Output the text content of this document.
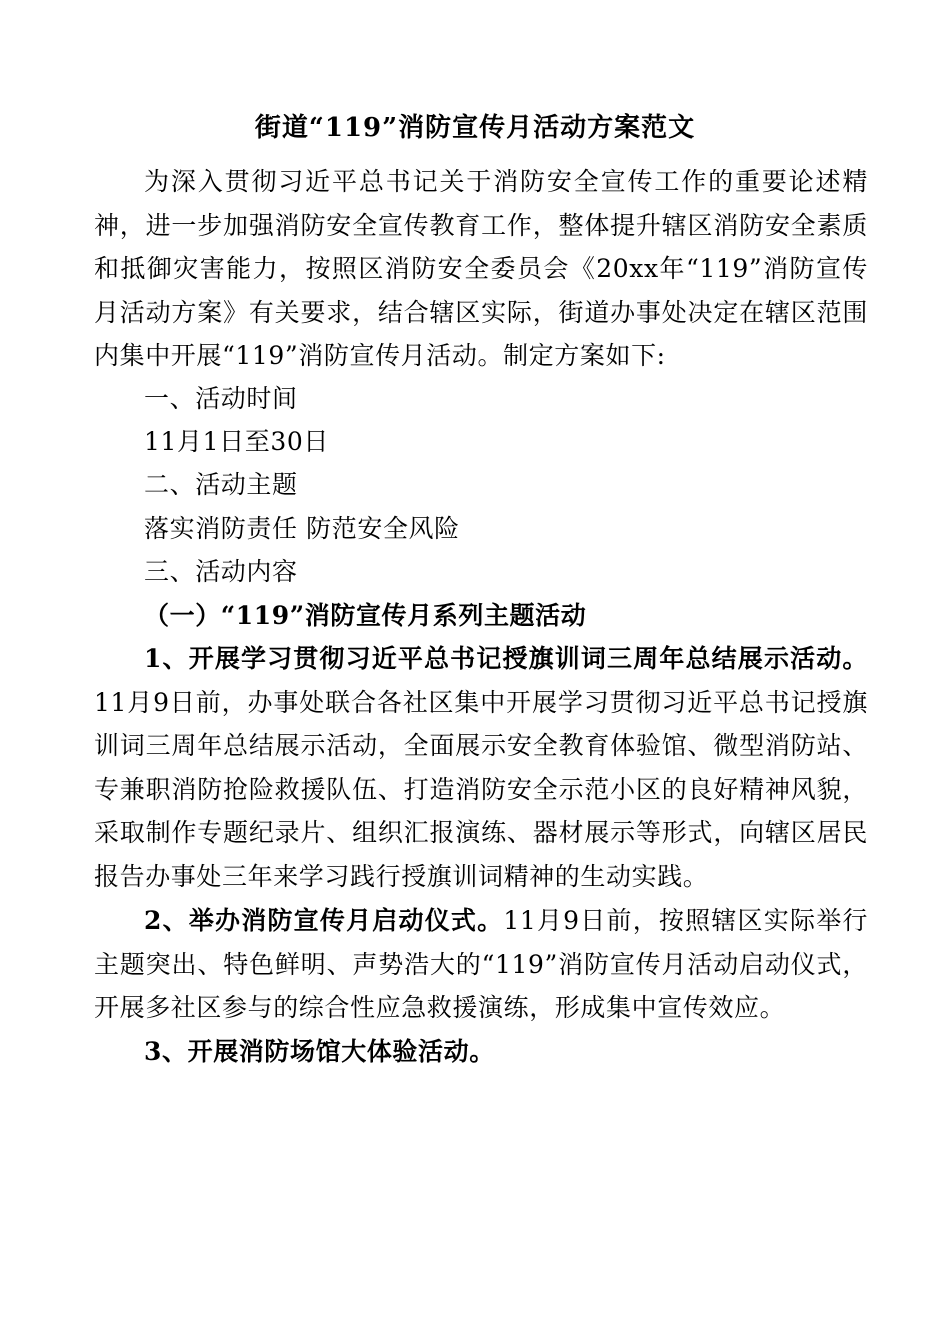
街道“119”消防宣传月活动方案范文
为深入贯彻习近平总书记关于消防安全宣传工作的重要论述精神，进一步加强消防安全宣传教育工作，整体提升辖区消防安全素质和抵御灾害能力，按照区消防安全委员会《20xx年“119”消防宣传月活动方案》有关要求，结合辖区实际，街道办事处决定在辖区范围内集中开展“119”消防宣传月活动。制定方案如下:
一、活动时间
11月1日至30日
二、活动主题
落实消防责任 防范安全风险
三、活动内容
（一）“119”消防宣传月系列主题活动
1、开展学习贯彻习近平总书记授旗训词三周年总结展示活动。11月9日前，办事处联合各社区集中开展学习贯彻习近平总书记授旗训词三周年总结展示活动，全面展示安全教育体验馆、微型消防站、专兼职消防抢险救援队伍、打造消防安全示范小区的良好精神风貌，采取制作专题纪录片、组织汇报演练、器材展示等形式，向辖区居民报告办事处三年来学习践行授旗训词精神的生动实践。
2、举办消防宣传月启动仪式。11月9日前，按照辖区实际举行主题突出、特色鲜明、声势浩大的“119”消防宣传月活动启动仪式，开展多社区参与的综合性应急救援演练，形成集中宣传效应。
3、开展消防场馆大体验活动。
